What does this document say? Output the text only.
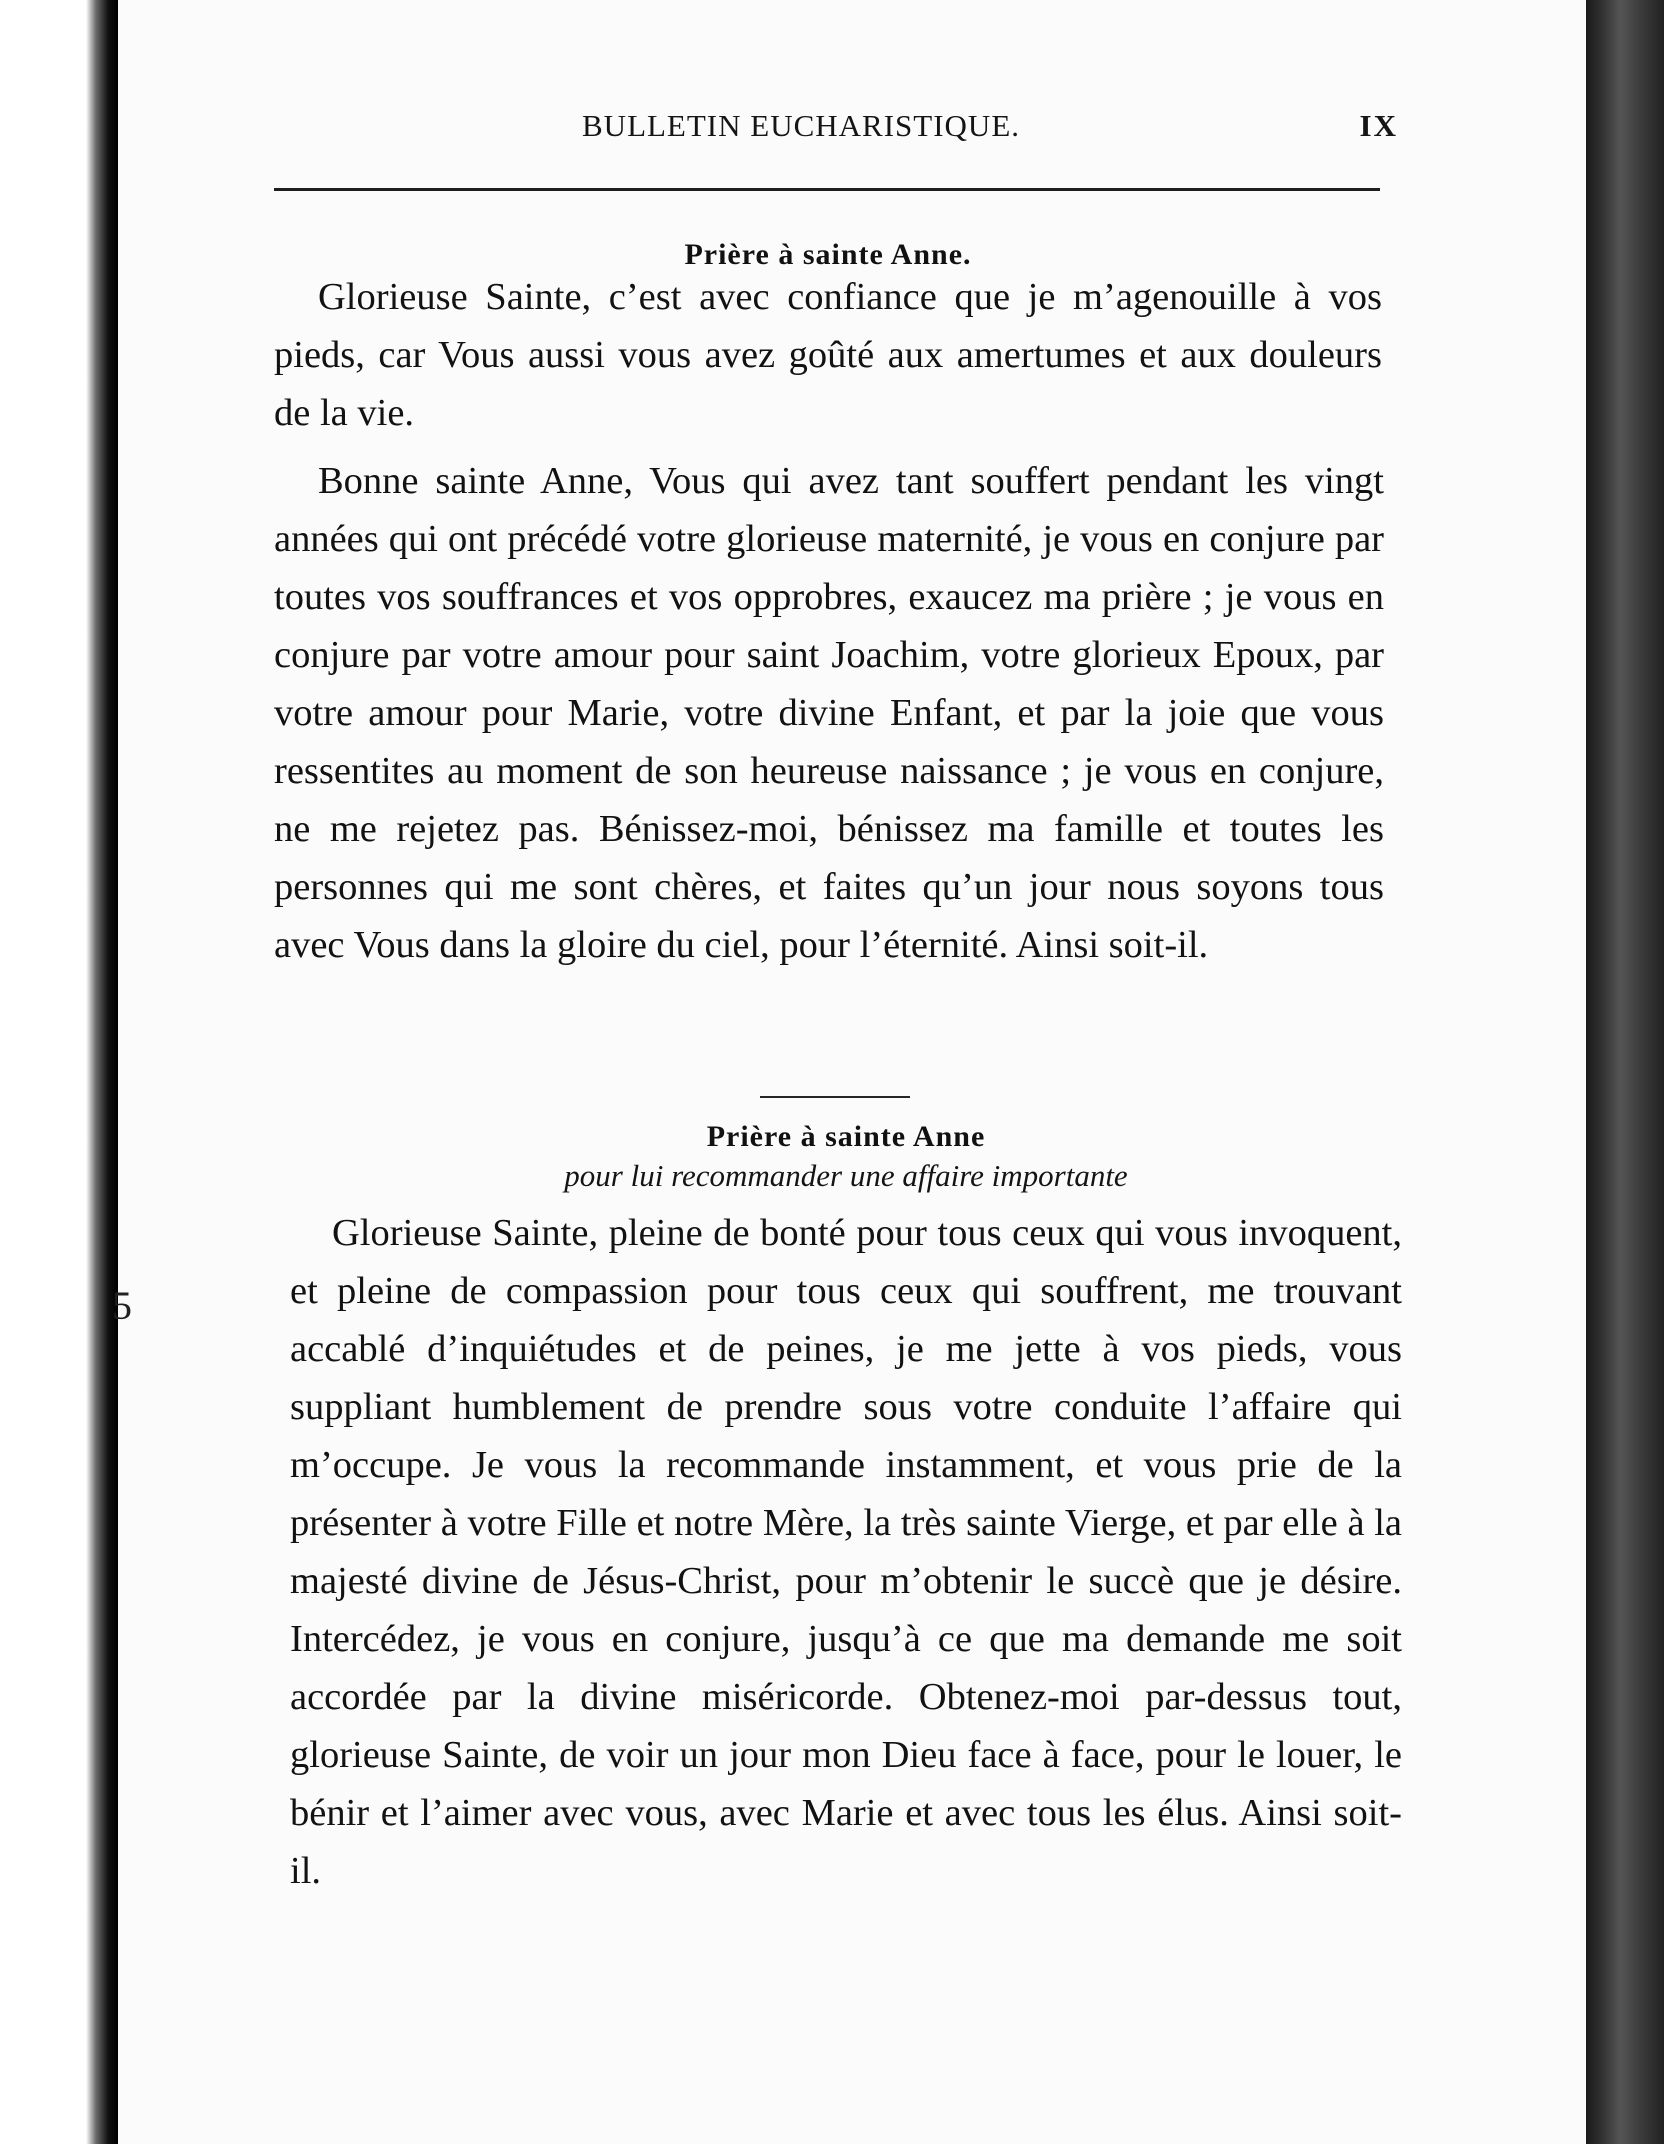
BULLETIN EUCHARISTIQUE.	IX
Prière à sainte Anne.

Glorieuse Sainte, c’est avec confiance que je m’agenouille à vos pieds, car Vous aussi vous avez goûté aux amertumes et aux douleurs de la vie.

Bonne sainte Anne, Vous qui avez tant souffert pendant les vingt années qui ont précédé votre glorieuse maternité, je vous en conjure par toutes vos souffrances et vos opprobres, exaucez ma prière ; je vous en conjure par votre amour pour saint Joachim, votre glorieux Epoux, par votre amour pour Marie, votre divine Enfant, et par la joie que vous ressentites au moment de son heureuse naissance ; je vous en conjure, ne me rejetez pas. Bénissez-moi, bénissez ma famille et toutes les personnes qui me sont chères, et faites qu’un jour nous soyons tous avec Vous dans la gloire du ciel, pour l’éternité. Ainsi soit-il.

Prière à sainte Anne
pour lui recommander une affaire importante

Glorieuse Sainte, pleine de bonté pour tous ceux qui vous invoquent, et pleine de compassion pour tous ceux qui souffrent, me trouvant accablé d’inquiétudes et de peines, je me jette à vos pieds, vous suppliant humblement de prendre sous votre conduite l’affaire qui m’occupe. Je vous la recommande instamment, et vous prie de la présenter à votre Fille et notre Mère, la très sainte Vierge, et par elle à la majesté divine de Jésus-Christ, pour m’obtenir le succè que je désire. Intercédez, je vous en conjure, jusqu’à ce que ma demande me soit accordée par la divine miséricorde. Obtenez-moi par-dessus tout, glorieuse Sainte, de voir un jour mon Dieu face à face, pour le louer, le bénir et l’aimer avec vous, avec Marie et avec tous les élus. Ainsi soit-il.

5
